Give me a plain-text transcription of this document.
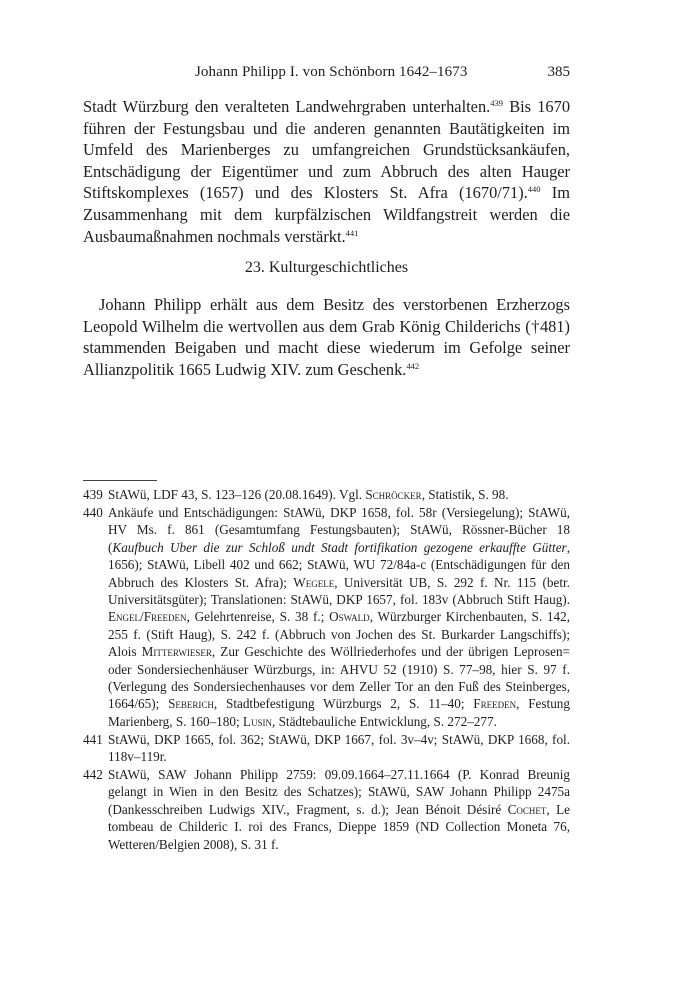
Johann Philipp I. von Schönborn 1642–1673	385

Stadt Würzburg den veralteten Landwehrgraben unterhalten.$^{439}$ Bis 1670 führen der Festungsbau und die anderen genannten Bautätigkeiten im Umfeld des Marienberges zu umfangreichen Grundstücksankäufen, Entschädigung der Eigentümer und zum Abbruch des alten Hauger Stiftskomplexes (1657) und des Klosters St. Afra (1670/71).$^{440}$ Im Zusammenhang mit dem kurpfälzischen Wildfangstreit werden die Ausbaumaßnahmen nochmals verstärkt.$^{441}$

23. Kulturgeschichtliches

Johann Philipp erhält aus dem Besitz des verstorbenen Erzherzogs Leopold Wilhelm die wertvollen aus dem Grab König Childerichs (†481) stammenden Beigaben und macht diese wiederum im Gefolge seiner Allianzpolitik 1665 Ludwig XIV. zum Geschenk.$^{442}$

439 StAWü, LDF 43, S. 123–126 (20.08.1649). Vgl. Schröcker, Statistik, S. 98.
440 Ankäufe und Entschädigungen: StAWü, DKP 1658, fol. 58r (Versiegelung); StAWü, HV Ms. f. 861 (Gesamtumfang Festungsbauten); StAWü, Rössner-Bücher 18 (Kaufbuch Uber die zur Schloß undt Stadt fortifikation gezogene erkauffte Gütter, 1656); StAWü, Libell 402 und 662; StAWü, WU 72/84a-c (Entschädigungen für den Abbruch des Klosters St. Afra); Wegele, Universität UB, S. 292 f. Nr. 115 (betr. Universitätsgüter); Translationen: StAWü, DKP 1657, fol. 183v (Abbruch Stift Haug). Engel/Freeden, Gelehrtenreise, S. 38 f.; Oswald, Würzburger Kirchenbauten, S. 142, 255 f. (Stift Haug), S. 242 f. (Abbruch von Jochen des St. Burkarder Langschiffs); Alois Mitterwieser, Zur Geschichte des Wöllriederhofes und der übrigen Leprosen= oder Sondersiechenhäuser Würzburgs, in: AHVU 52 (1910) S. 77–98, hier S. 97 f. (Verlegung des Sondersiechenhauses vor dem Zeller Tor an den Fuß des Steinberges, 1664/65); Seberich, Stadtbefestigung Würzburgs 2, S. 11–40; Freeden, Festung Marienberg, S. 160–180; Lusin, Städtebauliche Entwicklung, S. 272–277.
441 StAWü, DKP 1665, fol. 362; StAWü, DKP 1667, fol. 3v–4v; StAWü, DKP 1668, fol. 118v–119r.
442 StAWü, SAW Johann Philipp 2759: 09.09.1664–27.11.1664 (P. Konrad Breunig gelangt in Wien in den Besitz des Schatzes); StAWü, SAW Johann Philipp 2475a (Dankesschreiben Ludwigs XIV., Fragment, s. d.); Jean Bénoit Désiré Cochet, Le tombeau de Childeric I. roi des Francs, Dieppe 1859 (ND Collection Moneta 76, Wetteren/Belgien 2008), S. 31 f.
